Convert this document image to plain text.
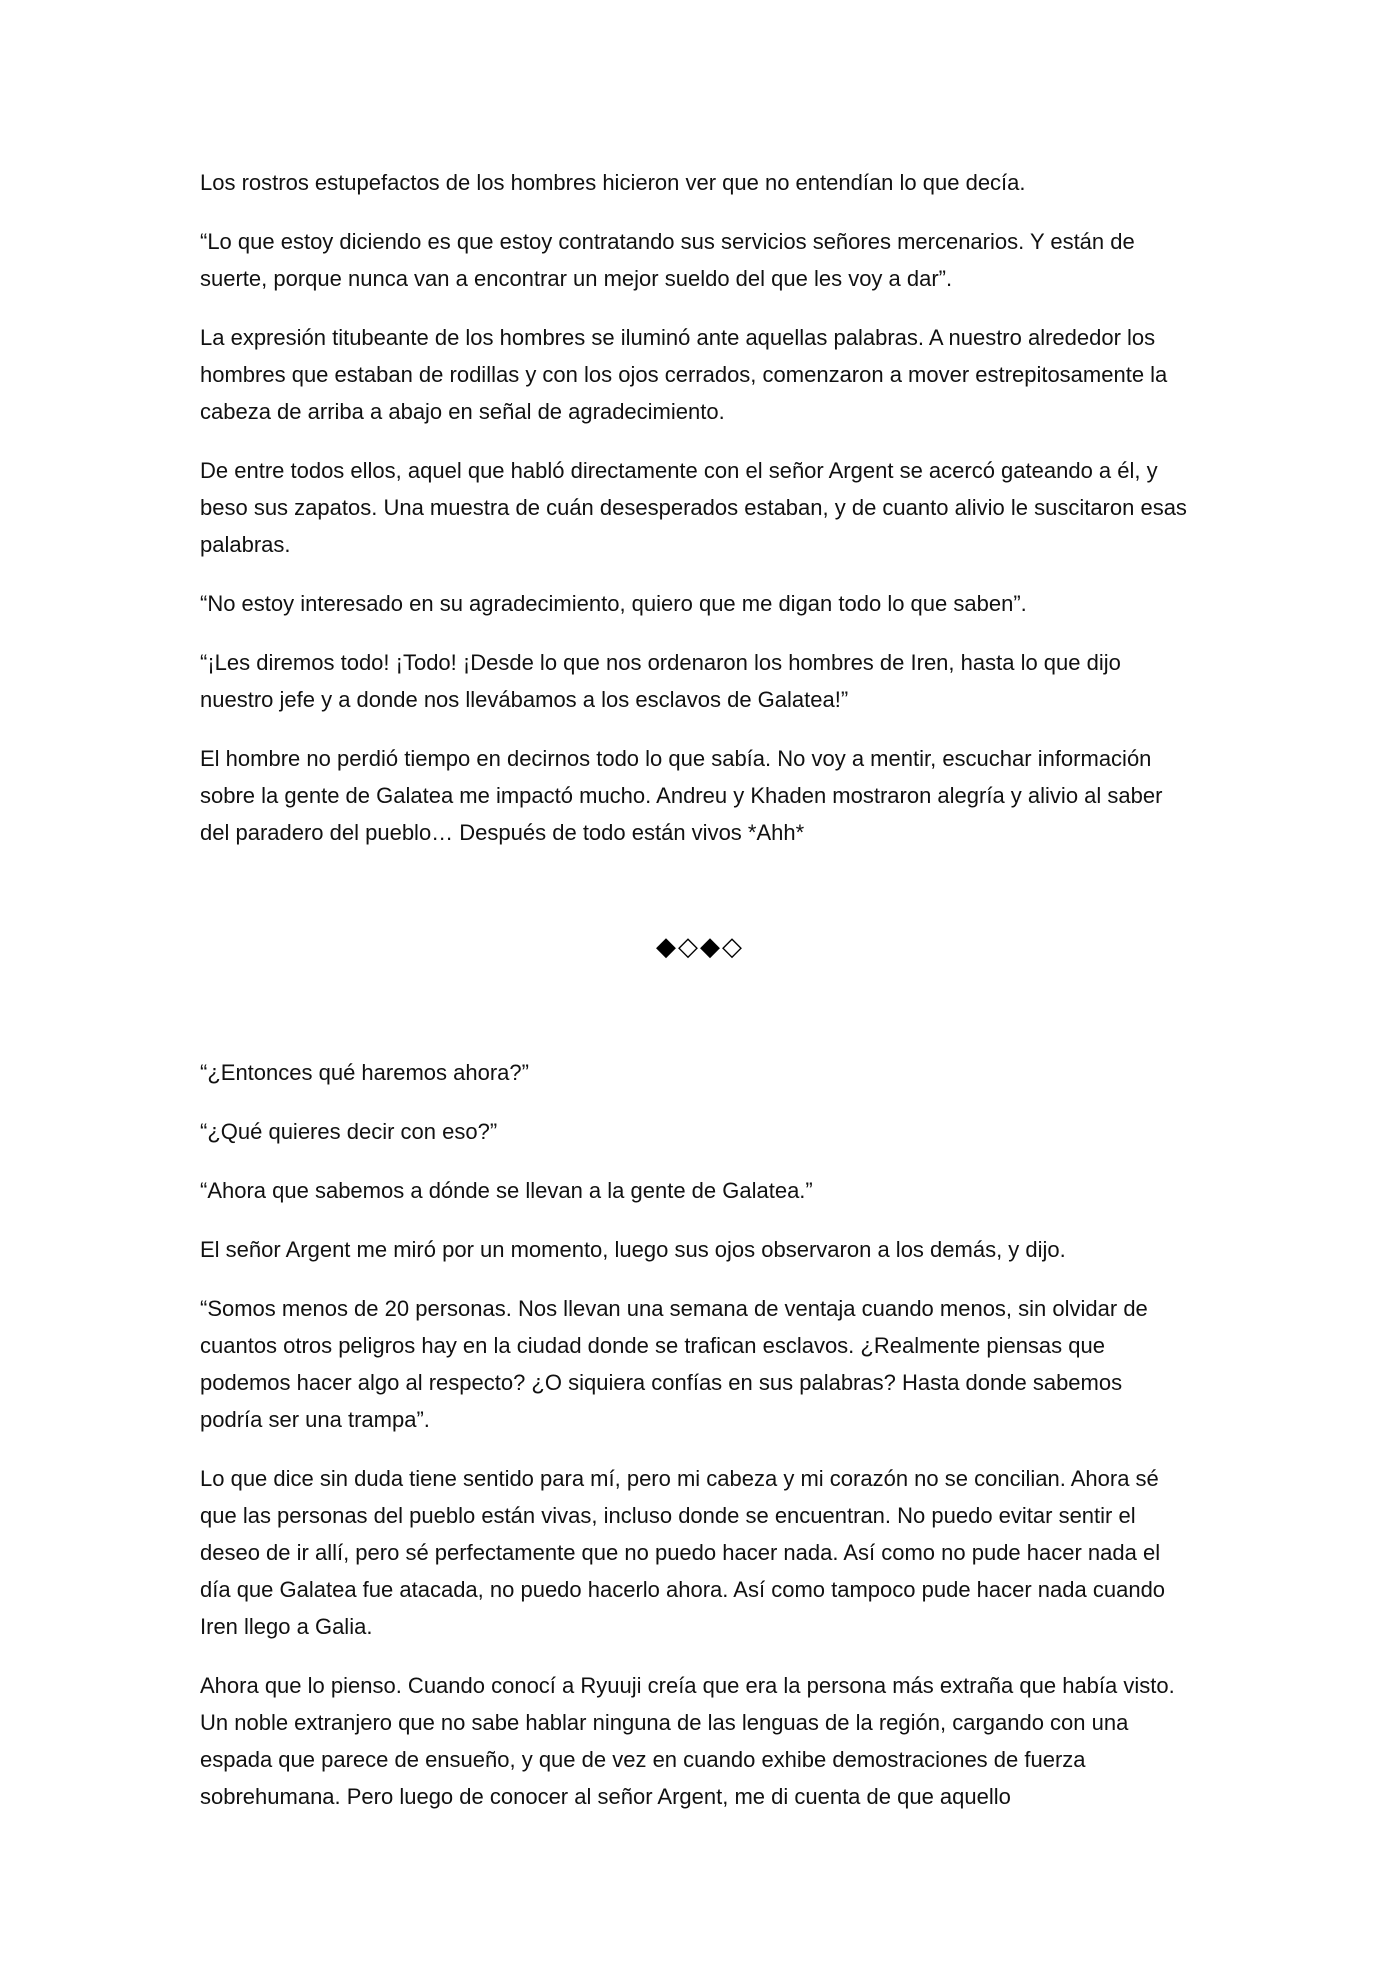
Los rostros estupefactos de los hombres hicieron ver que no entendían lo que decía.

“Lo que estoy diciendo es que estoy contratando sus servicios señores mercenarios. Y están de suerte, porque nunca van a encontrar un mejor sueldo del que les voy a dar”.

La expresión titubeante de los hombres se iluminó ante aquellas palabras. A nuestro alrededor los hombres que estaban de rodillas y con los ojos cerrados, comenzaron a mover estrepitosamente la cabeza de arriba a abajo en señal de agradecimiento.

De entre todos ellos, aquel que habló directamente con el señor Argent se acercó gateando a él, y beso sus zapatos. Una muestra de cuán desesperados estaban, y de cuanto alivio le suscitaron esas palabras.

“No estoy interesado en su agradecimiento, quiero que me digan todo lo que saben”.

“¡Les diremos todo! ¡Todo! ¡Desde lo que nos ordenaron los hombres de Iren, hasta lo que dijo nuestro jefe y a donde nos llevábamos a los esclavos de Galatea!”

El hombre no perdió tiempo en decirnos todo lo que sabía. No voy a mentir, escuchar información sobre la gente de Galatea me impactó mucho. Andreu y Khaden mostraron alegría y alivio al saber del paradero del pueblo… Después de todo están vivos *Ahh*

◆◇◆◇

“¿Entonces qué haremos ahora?”

“¿Qué quieres decir con eso?”

“Ahora que sabemos a dónde se llevan a la gente de Galatea.”

El señor Argent me miró por un momento, luego sus ojos observaron a los demás, y dijo.

“Somos menos de 20 personas. Nos llevan una semana de ventaja cuando menos, sin olvidar de cuantos otros peligros hay en la ciudad donde se trafican esclavos. ¿Realmente piensas que podemos hacer algo al respecto? ¿O siquiera confías en sus palabras? Hasta donde sabemos podría ser una trampa”.

Lo que dice sin duda tiene sentido para mí, pero mi cabeza y mi corazón no se concilian. Ahora sé que las personas del pueblo están vivas, incluso donde se encuentran. No puedo evitar sentir el deseo de ir allí, pero sé perfectamente que no puedo hacer nada. Así como no pude hacer nada el día que Galatea fue atacada, no puedo hacerlo ahora. Así como tampoco pude hacer nada cuando Iren llego a Galia.

Ahora que lo pienso. Cuando conocí a Ryuuji creía que era la persona más extraña que había visto. Un noble extranjero que no sabe hablar ninguna de las lenguas de la región, cargando con una espada que parece de ensueño, y que de vez en cuando exhibe demostraciones de fuerza sobrehumana. Pero luego de conocer al señor Argent, me di cuenta de que aquello
